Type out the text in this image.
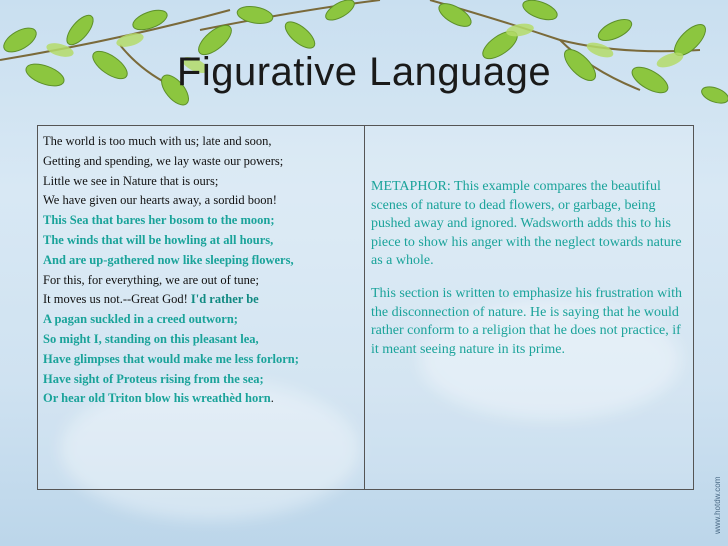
Figurative Language
The world is too much with us; late and soon,
Getting and spending, we lay waste our powers;
Little we see in Nature that is ours;
We have given our hearts away, a sordid boon!
This Sea that bares her bosom to the moon;
The winds that will be howling at all hours,
And are up-gathered now like sleeping flowers,
For this, for everything, we are out of tune;
It moves us not.--Great God! I'd rather be
A pagan suckled in a creed outworn;
So might I, standing on this pleasant lea,
Have glimpses that would make me less forlorn;
Have sight of Proteus rising from the sea;
Or hear old Triton blow his wreathèd horn.

METAPHOR: This example compares the beautiful scenes of nature to dead flowers, or garbage, being pushed away and ignored. Wadsworth adds this to his piece to show his anger with the neglect towards nature as a whole.

This section is written to emphasize his frustration with the disconnection of nature. He is saying that he would rather conform to a religion that he does not practice, if it meant seeing nature in its prime.

www.hotdw.com
